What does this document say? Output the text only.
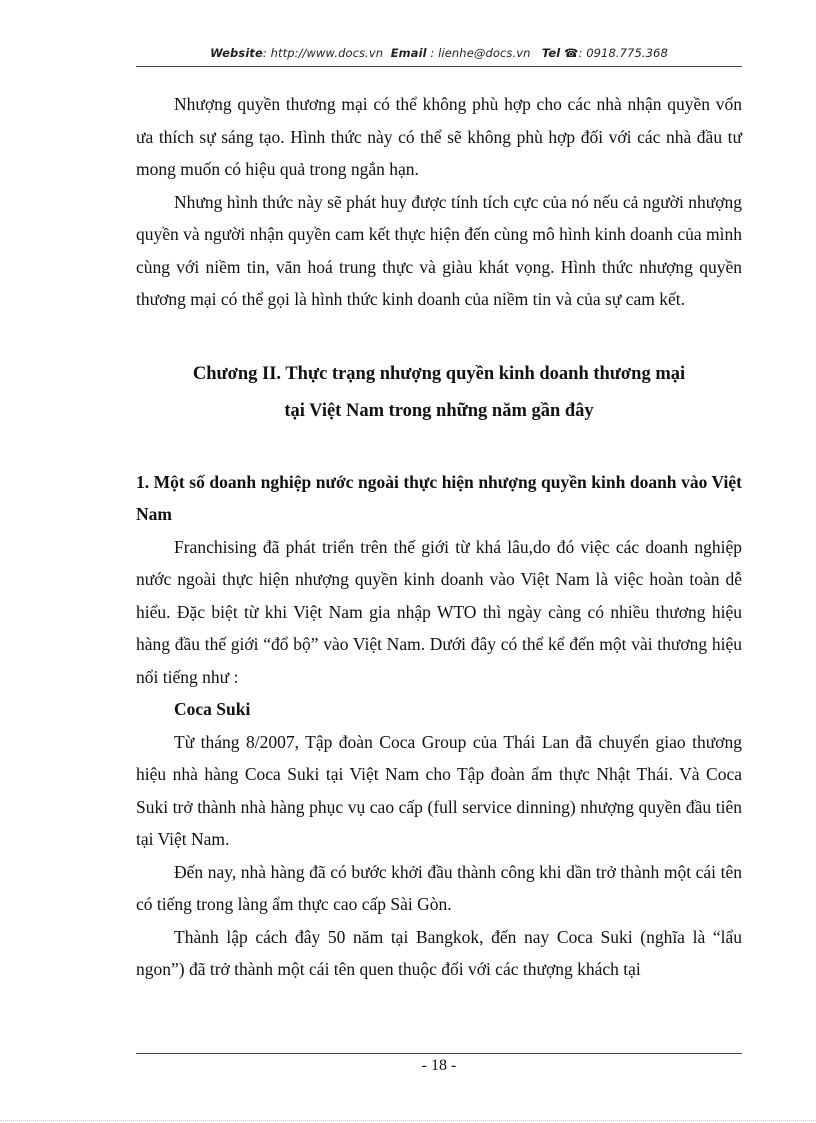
Website: http://www.docs.vn Email : lienhe@docs.vn Tel ☎: 0918.775.368

Nhượng quyền thương mại có thể không phù hợp cho các nhà nhận quyền vốn ưa thích sự sáng tạo. Hình thức này có thể sẽ không phù hợp đối với các nhà đầu tư mong muốn có hiệu quả trong ngắn hạn.

Nhưng hình thức này sẽ phát huy được tính tích cực của nó nếu cả người nhượng quyền và người nhận quyền cam kết thực hiện đến cùng mô hình kinh doanh của mình cùng với niềm tin, văn hoá trung thực và giàu khát vọng. Hình thức nhượng quyền thương mại có thể gọi là hình thức kinh doanh của niềm tin và của sự cam kết.

Chương II. Thực trạng nhượng quyền kinh doanh thương mại
tại Việt Nam trong những năm gần đây
1. Một số doanh nghiệp nước ngoài thực hiện nhượng quyền kinh doanh vào Việt Nam

Franchising đã phát triển trên thế giới từ khá lâu,do đó việc các doanh nghiệp nước ngoài thực hiện nhượng quyền kinh doanh vào Việt Nam là việc hoàn toàn dễ hiểu. Đặc biệt từ khi Việt Nam gia nhập WTO thì ngày càng có nhiều thương hiệu hàng đầu thế giới “đổ bộ” vào Việt Nam. Dưới đây có thể kể đến một vài thương hiệu nổi tiếng như :

Coca Suki

Từ tháng 8/2007, Tập đoàn Coca Group của Thái Lan đã chuyển giao thương hiệu nhà hàng Coca Suki tại Việt Nam cho Tập đoàn ẩm thực Nhật Thái. Và Coca Suki trở thành nhà hàng phục vụ cao cấp (full service dinning) nhượng quyền đầu tiên tại Việt Nam.

Đến nay, nhà hàng đã có bước khởi đầu thành công khi dần trở thành một cái tên có tiếng trong làng ẩm thực cao cấp Sài Gòn.

Thành lập cách đây 50 năm tại Bangkok, đến nay Coca Suki (nghĩa là “lẩu ngon”) đã trở thành một cái tên quen thuộc đối với các thượng khách tại

- 18 -
